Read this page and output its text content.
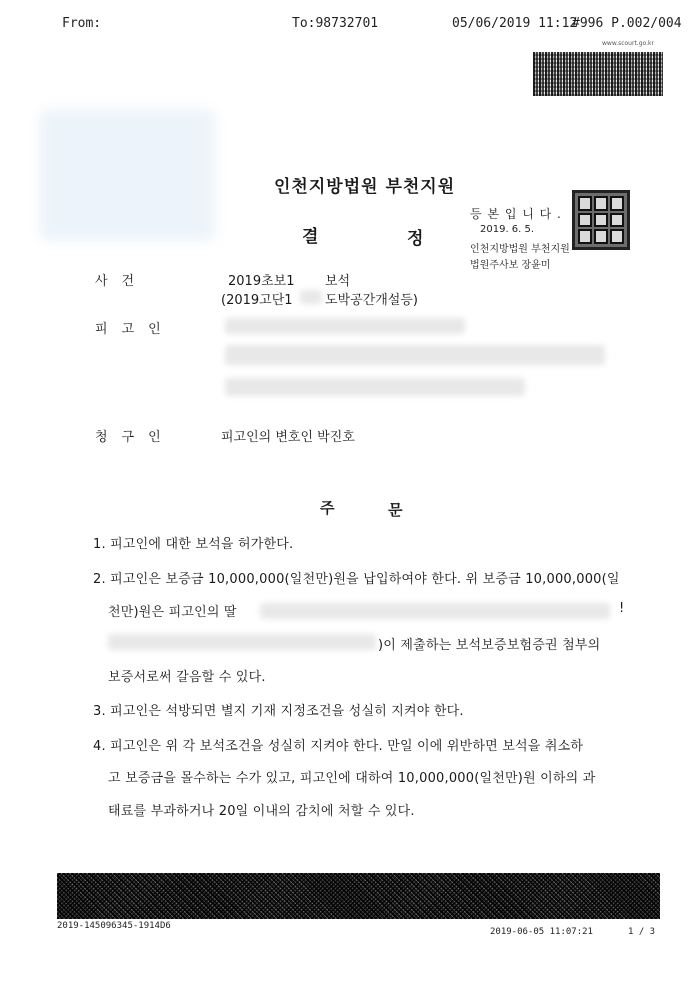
From:	To:98732701	05/06/2019 11:12
#996 P.002/004
www.scourt.go.kr
인천지방법원 부천지원
결	정
등 본 입 니 다 .
2019. 6. 5.
인천지방법원 부천지원
법원주사보 장윤미
사건	2019초보1 보석
(2019고단1 도박공간개설등)
피고인
청구인	피고인의 변호인 박진호
주	문
1. 피고인에 대한 보석을 허가한다.
2. 피고인은 보증금 10,000,000(일천만)원을 납입하여야 한다. 위 보증금 10,000,000(일
천만)원은 피고인의 딸	!
)이 제출하는 보석보증보험증권 첨부의
보증서로써 갈음할 수 있다.
3. 피고인은 석방되면 별지 기재 지정조건을 성실히 지켜야 한다.
4. 피고인은 위 각 보석조건을 성실히 지켜야 한다. 만일 이에 위반하면 보석을 취소하
고 보증금을 몰수하는 수가 있고, 피고인에 대하여 10,000,000(일천만)원 이하의 과
태료를 부과하거나 20일 이내의 감치에 처할 수 있다.
2019-145096345-1914D6
2019-06-05 11:07:21	1 / 3
